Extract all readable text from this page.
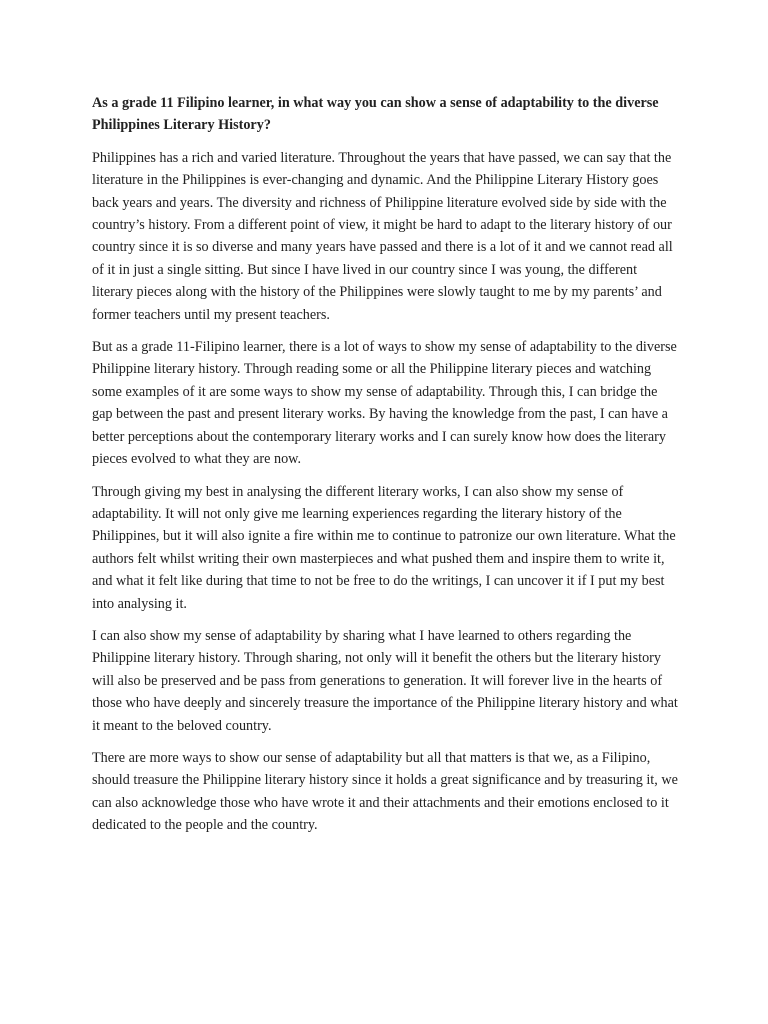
As a grade 11 Filipino learner, in what way you can show a sense of adaptability to the diverse Philippines Literary History?

Philippines has a rich and varied literature. Throughout the years that have passed, we can say that the literature in the Philippines is ever-changing and dynamic. And the Philippine Literary History goes back years and years. The diversity and richness of Philippine literature evolved side by side with the country’s history. From a different point of view, it might be hard to adapt to the literary history of our country since it is so diverse and many years have passed and there is a lot of it and we cannot read all of it in just a single sitting. But since I have lived in our country since I was young, the different literary pieces along with the history of the Philippines were slowly taught to me by my parents’ and former teachers until my present teachers.

But as a grade 11-Filipino learner, there is a lot of ways to show my sense of adaptability to the diverse Philippine literary history. Through reading some or all the Philippine literary pieces and watching some examples of it are some ways to show my sense of adaptability. Through this, I can bridge the gap between the past and present literary works. By having the knowledge from the past, I can have a better perceptions about the contemporary literary works and I can surely know how does the literary pieces evolved to what they are now.

Through giving my best in analysing the different literary works, I can also show my sense of adaptability. It will not only give me learning experiences regarding the literary history of the Philippines, but it will also ignite a fire within me to continue to patronize our own literature. What the authors felt whilst writing their own masterpieces and what pushed them and inspire them to write it, and what it felt like during that time to not be free to do the writings, I can uncover it if I put my best into analysing it.

I can also show my sense of adaptability by sharing what I have learned to others regarding the Philippine literary history. Through sharing, not only will it benefit the others but the literary history will also be preserved and be pass from generations to generation. It will forever live in the hearts of those who have deeply and sincerely treasure the importance of the Philippine literary history and what it meant to the beloved country.

There are more ways to show our sense of adaptability but all that matters is that we, as a Filipino, should treasure the Philippine literary history since it holds a great significance and by treasuring it, we can also acknowledge those who have wrote it and their attachments and their emotions enclosed to it dedicated to the people and the country.
